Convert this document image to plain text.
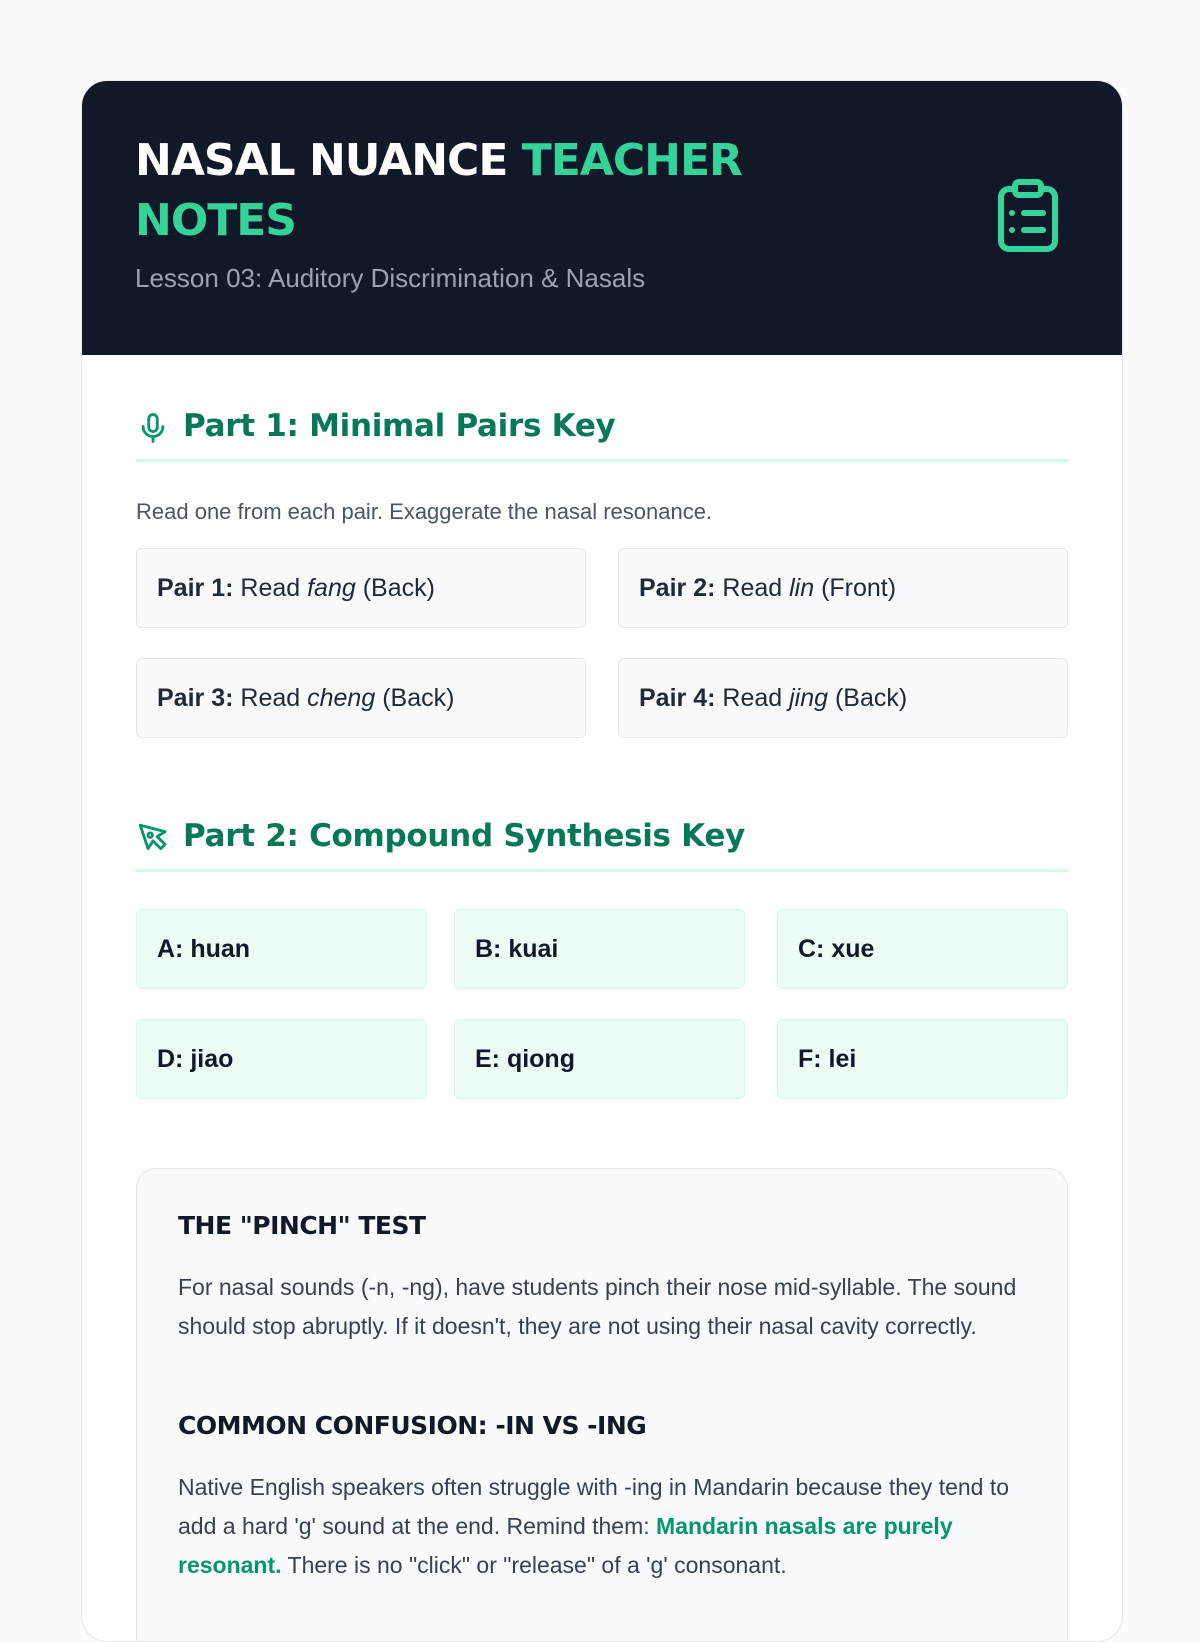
NASAL NUANCE TEACHER NOTES
Lesson 03: Auditory Discrimination & Nasals
Part 1: Minimal Pairs Key

Read one from each pair. Exaggerate the nasal resonance.

Pair 1: Read fang (Back)	Pair 2: Read lin (Front)
Pair 3: Read cheng (Back)	Pair 4: Read jing (Back)
Part 2: Compound Synthesis Key
A: huan	B: kuai	C: xue
D: jiao	E: qiong	F: lei
THE "PINCH" TEST

For nasal sounds (-n, -ng), have students pinch their nose mid-syllable. The sound should stop abruptly. If it doesn't, they are not using their nasal cavity correctly.

COMMON CONFUSION: -IN VS -ING

Native English speakers often struggle with -ing in Mandarin because they tend to add a hard 'g' sound at the end. Remind them: Mandarin nasals are purely resonant. There is no "click" or "release" of a 'g' consonant.
